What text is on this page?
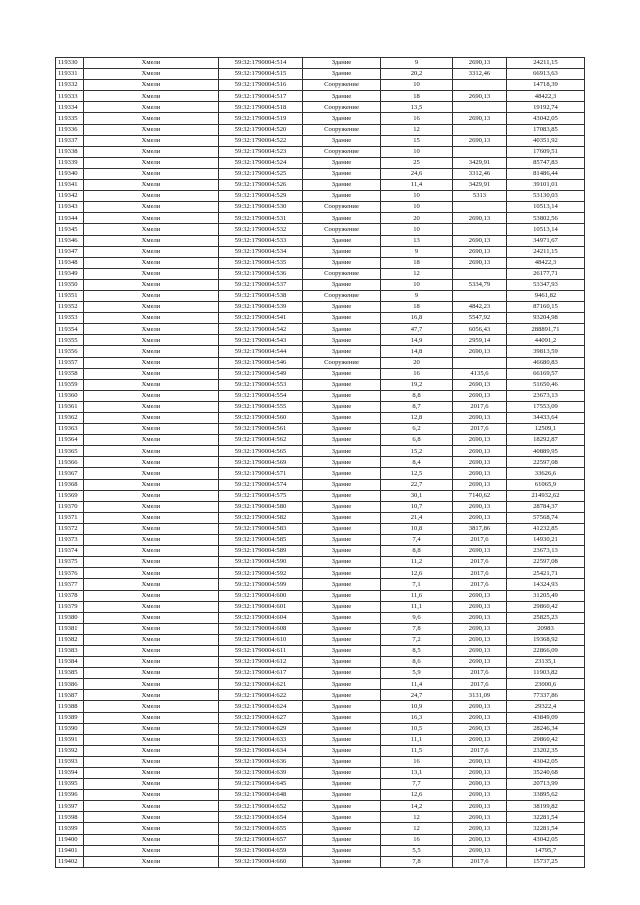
119330	Хмели	59:32:1790004:514	Здание	9	2690,13	24211,15
119331	Хмели	59:32:1790004:515	Здание	20,2	3312,46	66913,63
119332	Хмели	59:32:1790004:516	Сооружение	10		14718,39
119333	Хмели	59:32:1790004:517	Здание	18	2690,13	48422,3
119334	Хмели	59:32:1790004:518	Сооружение	13,5		19192,74
119335	Хмели	59:32:1790004:519	Здание	16	2690,13	43042,05
119336	Хмели	59:32:1790004:520	Сооружение	12		17083,85
119337	Хмели	59:32:1790004:522	Здание	15	2690,13	40351,92
119338	Хмели	59:32:1790004:523	Сооружение	10		17609,51
119339	Хмели	59:32:1790004:524	Здание	25	3429,91	85747,83
119340	Хмели	59:32:1790004:525	Здание	24,6	3312,46	81486,44
119341	Хмели	59:32:1790004:526	Здание	11,4	3429,91	39101,01
119342	Хмели	59:32:1790004:529	Здание	10	5313	53130,03
119343	Хмели	59:32:1790004:530	Сооружение	10		10513,14
119344	Хмели	59:32:1790004:531	Здание	20	2690,13	53802,56
119345	Хмели	59:32:1790004:532	Сооружение	10		10513,14
119346	Хмели	59:32:1790004:533	Здание	13	2690,13	34971,67
119347	Хмели	59:32:1790004:534	Здание	9	2690,13	24211,15
119348	Хмели	59:32:1790004:535	Здание	18	2690,13	48422,3
119349	Хмели	59:32:1790004:536	Сооружение	12		26177,71
119350	Хмели	59:32:1790004:537	Здание	10	5334,79	53347,93
119351	Хмели	59:32:1790004:538	Сооружение	9		9461,82
119352	Хмели	59:32:1790004:539	Здание	18	4842,23	87160,15
119353	Хмели	59:32:1790004:541	Здание	16,8	5547,92	93204,98
119354	Хмели	59:32:1790004:542	Здание	47,7	6056,43	288891,71
119355	Хмели	59:32:1790004:543	Здание	14,9	2959,14	44091,2
119356	Хмели	59:32:1790004:544	Здание	14,8	2690,13	39813,59
119357	Хмели	59:32:1790004:546	Сооружение	20		46680,83
119358	Хмели	59:32:1790004:549	Здание	16	4135,6	66169,57
119359	Хмели	59:32:1790004:553	Здание	19,2	2690,13	51650,46
119360	Хмели	59:32:1790004:554	Здание	8,8	2690,13	23673,13
119361	Хмели	59:32:1790004:555	Здание	8,7	2017,6	17553,09
119362	Хмели	59:32:1790004:560	Здание	12,8	2690,13	34433,64
119363	Хмели	59:32:1790004:561	Здание	6,2	2017,6	12509,1
119364	Хмели	59:32:1790004:562	Здание	6,8	2690,13	18292,87
119365	Хмели	59:32:1790004:565	Здание	15,2	2690,13	40889,95
119366	Хмели	59:32:1790004:569	Здание	8,4	2690,13	22597,08
119367	Хмели	59:32:1790004:571	Здание	12,5	2690,13	33626,6
119368	Хмели	59:32:1790004:574	Здание	22,7	2690,13	61065,9
119369	Хмели	59:32:1790004:575	Здание	30,1	7140,62	214932,62
119370	Хмели	59:32:1790004:580	Здание	10,7	2690,13	28784,37
119371	Хмели	59:32:1790004:582	Здание	21,4	2690,13	57568,74
119372	Хмели	59:32:1790004:583	Здание	10,8	3817,86	41232,85
119373	Хмели	59:32:1790004:585	Здание	7,4	2017,6	14930,21
119374	Хмели	59:32:1790004:589	Здание	8,8	2690,13	23673,13
119375	Хмели	59:32:1790004:590	Здание	11,2	2017,6	22597,08
119376	Хмели	59:32:1790004:592	Здание	12,6	2017,6	25421,71
119377	Хмели	59:32:1790004:599	Здание	7,1	2017,6	14324,93
119378	Хмели	59:32:1790004:600	Здание	11,6	2690,13	31205,49
119379	Хмели	59:32:1790004:601	Здание	11,1	2690,13	29860,42
119380	Хмели	59:32:1790004:604	Здание	9,6	2690,13	25825,23
119381	Хмели	59:32:1790004:608	Здание	7,8	2690,13	20983
119382	Хмели	59:32:1790004:610	Здание	7,2	2690,13	19368,92
119383	Хмели	59:32:1790004:611	Здание	8,5	2690,13	22866,09
119384	Хмели	59:32:1790004:612	Здание	8,6	2690,13	23135,1
119385	Хмели	59:32:1790004:617	Здание	5,9	2017,6	11903,82
119386	Хмели	59:32:1790004:621	Здание	11,4	2017,6	23000,6
119387	Хмели	59:32:1790004:622	Здание	24,7	3131,09	77337,86
119388	Хмели	59:32:1790004:624	Здание	10,9	2690,13	29322,4
119389	Хмели	59:32:1790004:627	Здание	16,3	2690,13	43849,09
119390	Хмели	59:32:1790004:629	Здание	10,5	2690,13	28246,34
119391	Хмели	59:32:1790004:633	Здание	11,1	2690,13	29860,42
119392	Хмели	59:32:1790004:634	Здание	11,5	2017,6	23202,35
119393	Хмели	59:32:1790004:636	Здание	16	2690,13	43042,05
119394	Хмели	59:32:1790004:639	Здание	13,1	2690,13	35240,68
119395	Хмели	59:32:1790004:645	Здание	7,7	2690,13	20713,99
119396	Хмели	59:32:1790004:648	Здание	12,6	2690,13	33895,62
119397	Хмели	59:32:1790004:652	Здание	14,2	2690,13	38199,82
119398	Хмели	59:32:1790004:654	Здание	12	2690,13	32281,54
119399	Хмели	59:32:1790004:655	Здание	12	2690,13	32281,54
119400	Хмели	59:32:1790004:657	Здание	16	2690,13	43042,05
119401	Хмели	59:32:1790004:659	Здание	5,5	2690,13	14795,7
119402	Хмели	59:32:1790004:660	Здание	7,8	2017,6	15737,25
